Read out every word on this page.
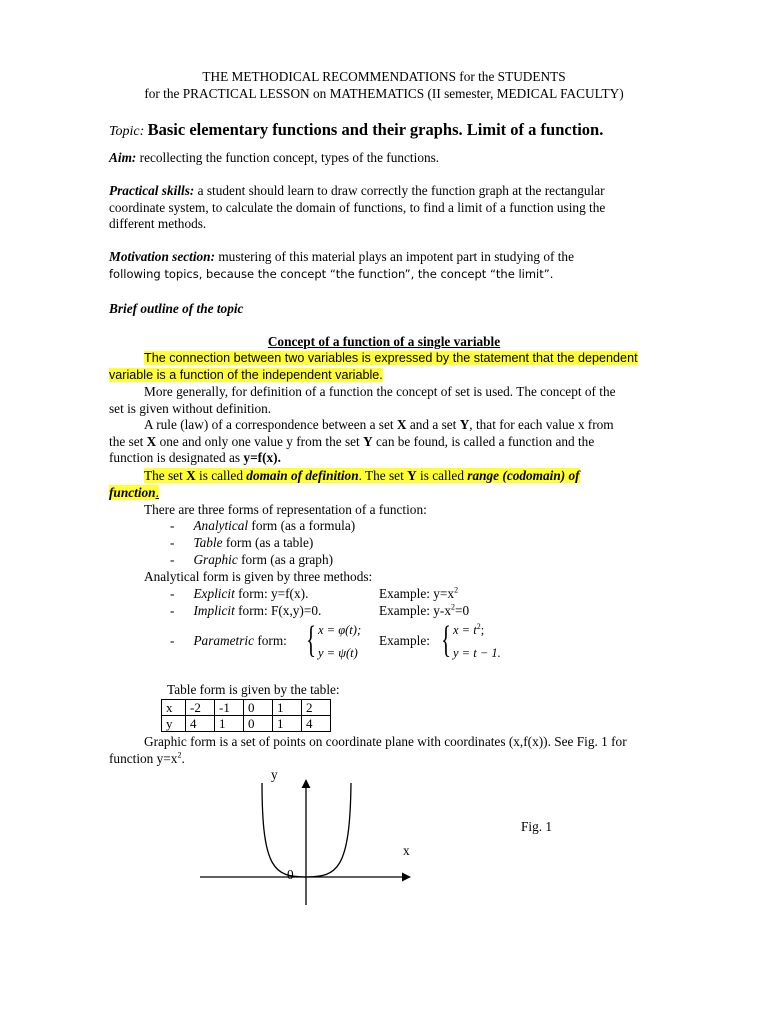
THE METHODICAL RECOMMENDATIONS for the STUDENTS
for the PRACTICAL LESSON on MATHEMATICS (II semester, MEDICAL FACULTY)
Topic: Basic elementary functions and their graphs. Limit of a function.
Aim: recollecting the function concept, types of the functions.
Practical skills: a student should learn to draw correctly the function graph at the rectangular
coordinate system, to calculate the domain of functions, to find a limit of a function using the
different methods.
Motivation section: mustering of this material plays an impotent part in studying of the
following topics, because the concept “the function”, the concept “the limit”.
Brief outline of the topic
Concept of a function of a single variable
The connection between two variables is expressed by the statement that the dependent
variable is a function of the independent variable.
More generally, for definition of a function the concept of set is used. The concept of the
set is given without definition.
A rule (law) of a correspondence between a set X and a set Y, that for each value x from
the set X one and only one value y from the set Y can be found, is called a function and the
function is designated as y=f(x).
The set X is called domain of definition. The set Y is called range (codomain) of
function.
There are three forms of representation of a function:
- Analytical form (as a formula)
- Table form (as a table)
- Graphic form (as a graph)
Analytical form is given by three methods:
- Explicit form: y=f(x).	Example: $y=x^2$
- Implicit form: F(x,y)=0.	Example: $y-x^2=0$
- Parametric form: { x = φ(t);
y = ψ(t)
Example: { $x = t^2$;
y = t − 1.
Table form is given by the table:
x	-2	-1	0	1	2
y	4	1	0	1	4
Graphic form is a set of points on coordinate plane with coordinates (x,f(x)). See Fig. 1 for
function $y=x^2$.
y
x
0
Fig. 1
